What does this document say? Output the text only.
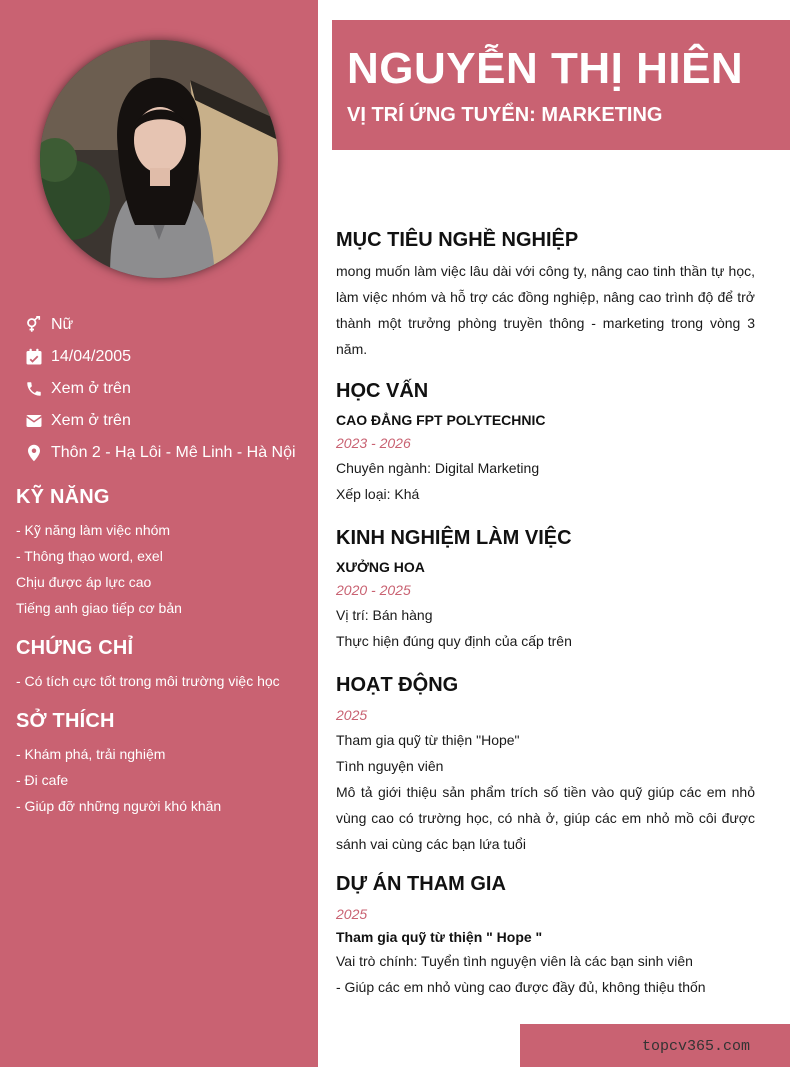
Nữ
14/04/2005
Xem ở trên
Xem ở trên
Thôn 2 - Hạ Lôi - Mê Linh - Hà Nội
KỸ NĂNG
- Kỹ năng làm việc nhóm
- Thông thạo word, exel
Chịu được áp lực cao
Tiếng anh giao tiếp cơ bản
CHỨNG CHỈ
- Có tích cực tốt trong môi trường việc học
SỞ THÍCH
- Khám phá, trải nghiệm
- Đi cafe
- Giúp đỡ những người khó khăn
NGUYỄN THỊ HIÊN
VỊ TRÍ ỨNG TUYỂN: MARKETING
MỤC TIÊU NGHỀ NGHIỆP
mong muốn làm việc lâu dài với công ty, nâng cao tinh thần tự học, làm việc nhóm và hỗ trợ các đồng nghiệp, nâng cao trình độ để trở thành một trưởng phòng truyền thông - marketing trong vòng 3 năm.
HỌC VẤN
CAO ĐẲNG FPT POLYTECHNIC
2023 - 2026
Chuyên ngành: Digital Marketing
Xếp loại: Khá
KINH NGHIỆM LÀM VIỆC
XƯỞNG HOA
2020 - 2025
Vị trí: Bán hàng
Thực hiện đúng quy định của cấp trên
HOẠT ĐỘNG
2025
Tham gia quỹ từ thiện "Hope"
Tình nguyện viên
Mô tả giới thiệu sản phẩm trích số tiền vào quỹ giúp các em nhỏ vùng cao có trường học, có nhà ở, giúp các em nhỏ mồ côi được sánh vai cùng các bạn lứa tuổi
DỰ ÁN THAM GIA
2025
Tham gia quỹ từ thiện " Hope "
Vai trò chính: Tuyển tình nguyện viên là các bạn sinh viên
- Giúp các em nhỏ vùng cao được đầy đủ, không thiệu thốn
topcv365.com
